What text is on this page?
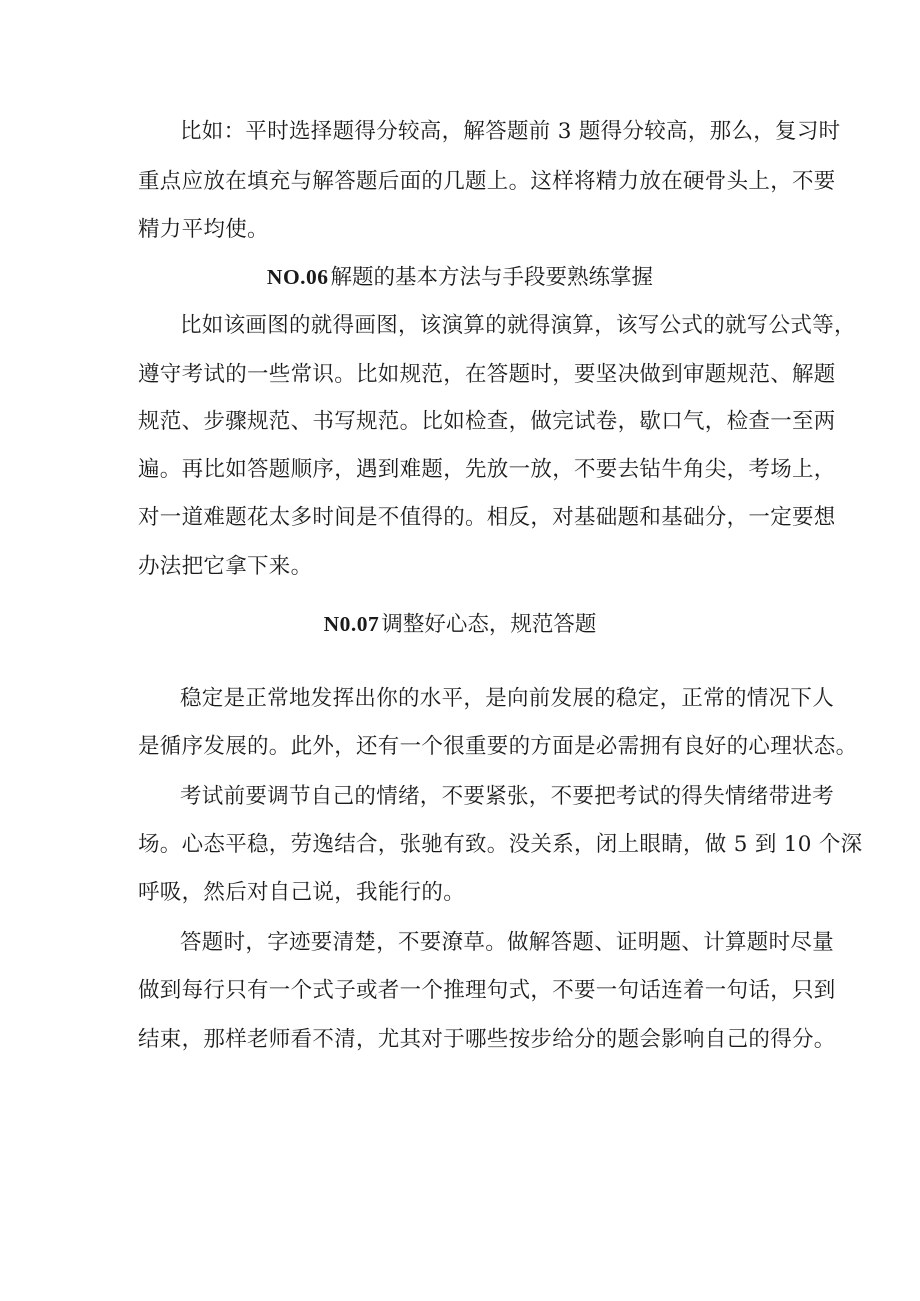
比如：平时选择题得分较高，解答题前 3 题得分较高，那么，复习时
重点应放在填充与解答题后面的几题上。这样将精力放在硬骨头上，不要
精力平均使。
NO.06解题的基本方法与手段要熟练掌握
比如该画图的就得画图，该演算的就得演算，该写公式的就写公式等，
遵守考试的一些常识。比如规范，在答题时，要坚决做到审题规范、解题
规范、步骤规范、书写规范。比如检查，做完试卷，歇口气，检查一至两
遍。再比如答题顺序，遇到难题，先放一放，不要去钻牛角尖，考场上，
对一道难题花太多时间是不值得的。相反，对基础题和基础分，一定要想
办法把它拿下来。
N0.07调整好心态，规范答题
稳定是正常地发挥出你的水平，是向前发展的稳定，正常的情况下人
是循序发展的。此外，还有一个很重要的方面是必需拥有良好的心理状态。
考试前要调节自己的情绪，不要紧张，不要把考试的得失情绪带进考
场。心态平稳，劳逸结合，张驰有致。没关系，闭上眼睛，做 5 到 10 个深
呼吸，然后对自己说，我能行的。
答题时，字迹要清楚，不要潦草。做解答题、证明题、计算题时尽量
做到每行只有一个式子或者一个推理句式，不要一句话连着一句话，只到
结束，那样老师看不清，尤其对于哪些按步给分的题会影响自己的得分。
